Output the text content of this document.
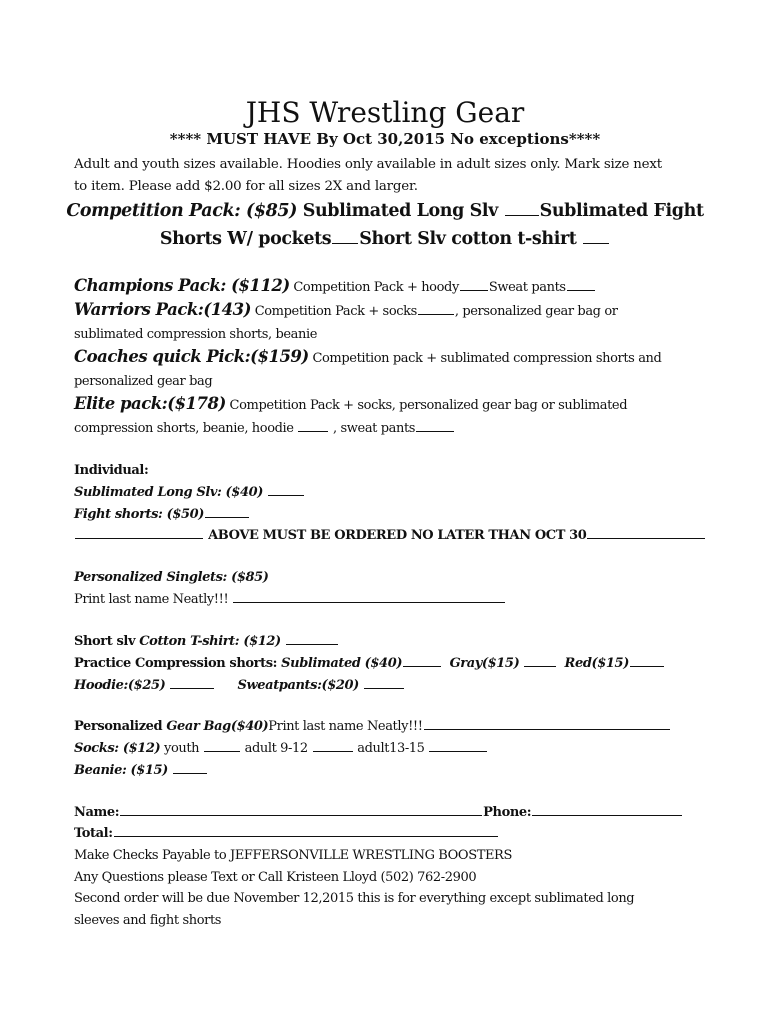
JHS Wrestling Gear
**** MUST HAVE By Oct 30,2015 No exceptions****
Adult and youth sizes available. Hoodies only available in adult sizes only. Mark size next
to item. Please add $2.00 for all sizes 2X and larger.
Competition Pack: ($85) Sublimated Long Slv Sublimated Fight
Shorts W/ pockets Short Slv cotton t-shirt
Champions Pack: ($112) Competition Pack + hoody Sweat pants
Warriors Pack:(143) Competition Pack + socks	, personalized gear bag or
sublimated compression shorts, beanie
Coaches quick Pick:($159) Competition pack + sublimated compression shorts and
personalized gear bag
Elite pack:($178) Competition Pack + socks, personalized gear bag or sublimated
compression shorts, beanie, hoodie  , sweat pants
Individual:
Sublimated Long Slv: ($40)
Fight shorts: ($50)
ABOVE MUST BE ORDERED NO LATER THAN OCT 30
Personalized Singlets: ($85)
Print last name Neatly!!!
Short slv Cotton T-shirt: ($12)
Practice Compression shorts: Sublimated ($40)	Gray($15)	Red($15)
Hoodie:($25)	Sweatpants:($20)
Personalized Gear Bag($40)Print last name Neatly!!!
Socks: ($12) youth	adult 9-12	adult13-15
Beanie: ($15)
Name:	Phone:
Total:
Make Checks Payable to JEFFERSONVILLE WRESTLING BOOSTERS
Any Questions please Text or Call Kristeen Lloyd (502) 762-2900
Second order will be due November 12,2015 this is for everything except sublimated long
sleeves and fight shorts
